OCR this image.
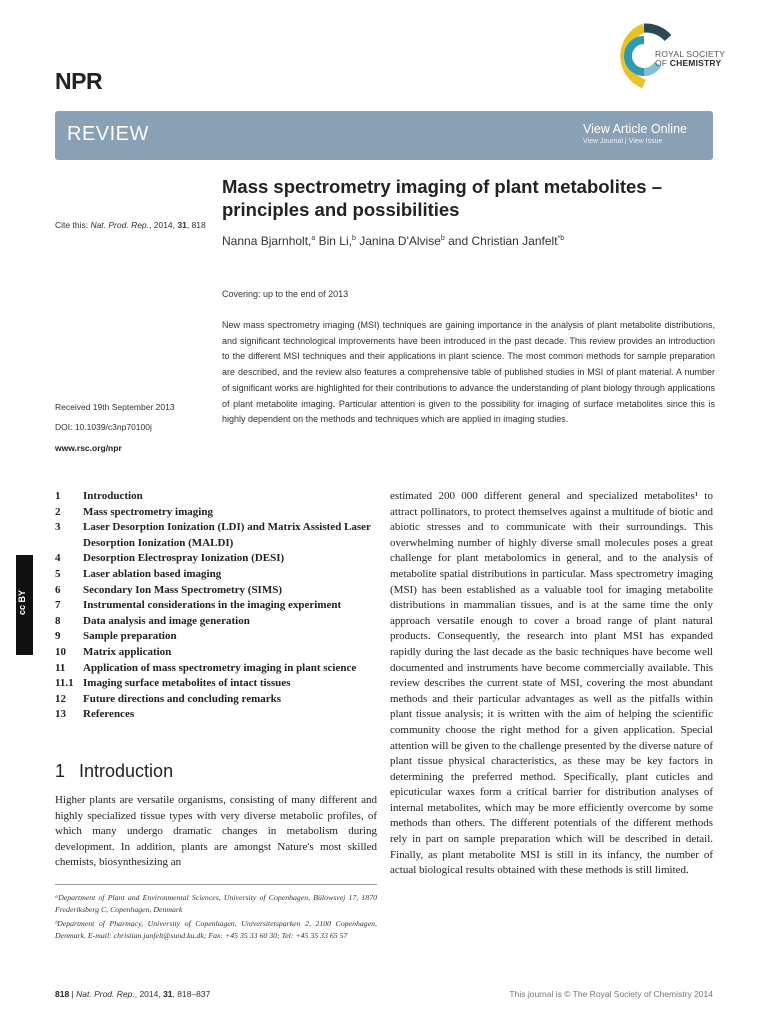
NPR
ROYAL SOCIETY
OF CHEMISTRY
REVIEW	View Article Online
View Journal | View Issue
Mass spectrometry imaging of plant metabolites –
principles and possibilities
Cite this: Nat. Prod. Rep., 2014, 31, 818
Nanna Bjarnholt,$^a$ Bin Li,$^b$ Janina D'Alvise$^b$ and Christian Janfelt$^{*b}$
Covering: up to the end of 2013
New mass spectrometry imaging (MSI) techniques are gaining importance in the analysis of plant metabolite distributions, and significant technological improvements have been introduced in the past decade. This review provides an introduction to the different MSI techniques and their applications in plant science. The most common methods for sample preparation are described, and the review also features a comprehensive table of published studies in MSI of plant material. A number of significant works are highlighted for their contributions to advance the understanding of plant biology through applications of plant metabolite imaging. Particular attention is given to the possibility for imaging of surface metabolites since this is highly dependent on the methods and techniques which are applied in imaging studies.
Received 19th September 2013
DOI: 10.1039/c3np70100j
www.rsc.org/npr
1	Introduction
2	Mass spectrometry imaging
3	Laser Desorption Ionization (LDI) and Matrix Assisted Laser Desorption Ionization (MALDI)
4	Desorption Electrospray Ionization (DESI)
5	Laser ablation based imaging
6	Secondary Ion Mass Spectrometry (SIMS)
7	Instrumental considerations in the imaging experiment
8	Data analysis and image generation
9	Sample preparation
10	Matrix application
11	Application of mass spectrometry imaging in plant science
11.1 Imaging surface metabolites of intact tissues
12	Future directions and concluding remarks
13	References
cc BY
1 Introduction
Higher plants are versatile organisms, consisting of many different and highly specialized tissue types with very diverse metabolic profiles, of which many undergo dramatic changes in metabolism during development. In addition, plants are amongst Nature's most skilled chemists, biosynthesizing an

ᵃDepartment of Plant and Environmental Sciences, University of Copenhagen, Bülowsvej 17, 1870 Frederiksberg C, Copenhagen, Denmark

ᵇDepartment of Pharmacy, University of Copenhagen, Universitetsparken 2, 2100 Copenhagen, Denmark. E-mail: christian.janfelt@sund.ku.dk; Fax: +45 35 33 60 30; Tel: +45 35 33 65 57

estimated 200 000 different general and specialized metabolites¹ to attract pollinators, to protect themselves against a multitude of biotic and abiotic stresses and to communicate with their surroundings. This overwhelming number of highly diverse small molecules poses a great challenge for plant metabolomics in general, and to the analysis of metabolite spatial distributions in particular. Mass spectrometry imaging (MSI) has been established as a valuable tool for imaging metabolite distributions in mammalian tissues, and is at the same time the only approach versatile enough to cover a broad range of plant natural products. Consequently, the research into plant MSI has expanded rapidly during the last decade as the basic techniques have become well documented and instruments have become commercially available. This review describes the current state of MSI, covering the most abundant methods and their particular advantages as well as the pitfalls within plant tissue analysis; it is written with the aim of helping the scientific community choose the right method for a given application. Special attention will be given to the challenge presented by the diverse nature of plant tissue physical characteristics, as these may be key factors in determining the preferred method. Specifically, plant cuticles and epicuticular waxes form a critical barrier for distribution analyses of internal metabolites, which may be more efficiently overcome by some methods than others. The different potentials of the different methods rely in part on sample preparation which will be described in detail. Finally, as plant metabolite MSI is still in its infancy, the number of actual biological results obtained with these methods is still limited.
818 | Nat. Prod. Rep., 2014, 31, 818–837	This journal is © The Royal Society of Chemistry 2014
